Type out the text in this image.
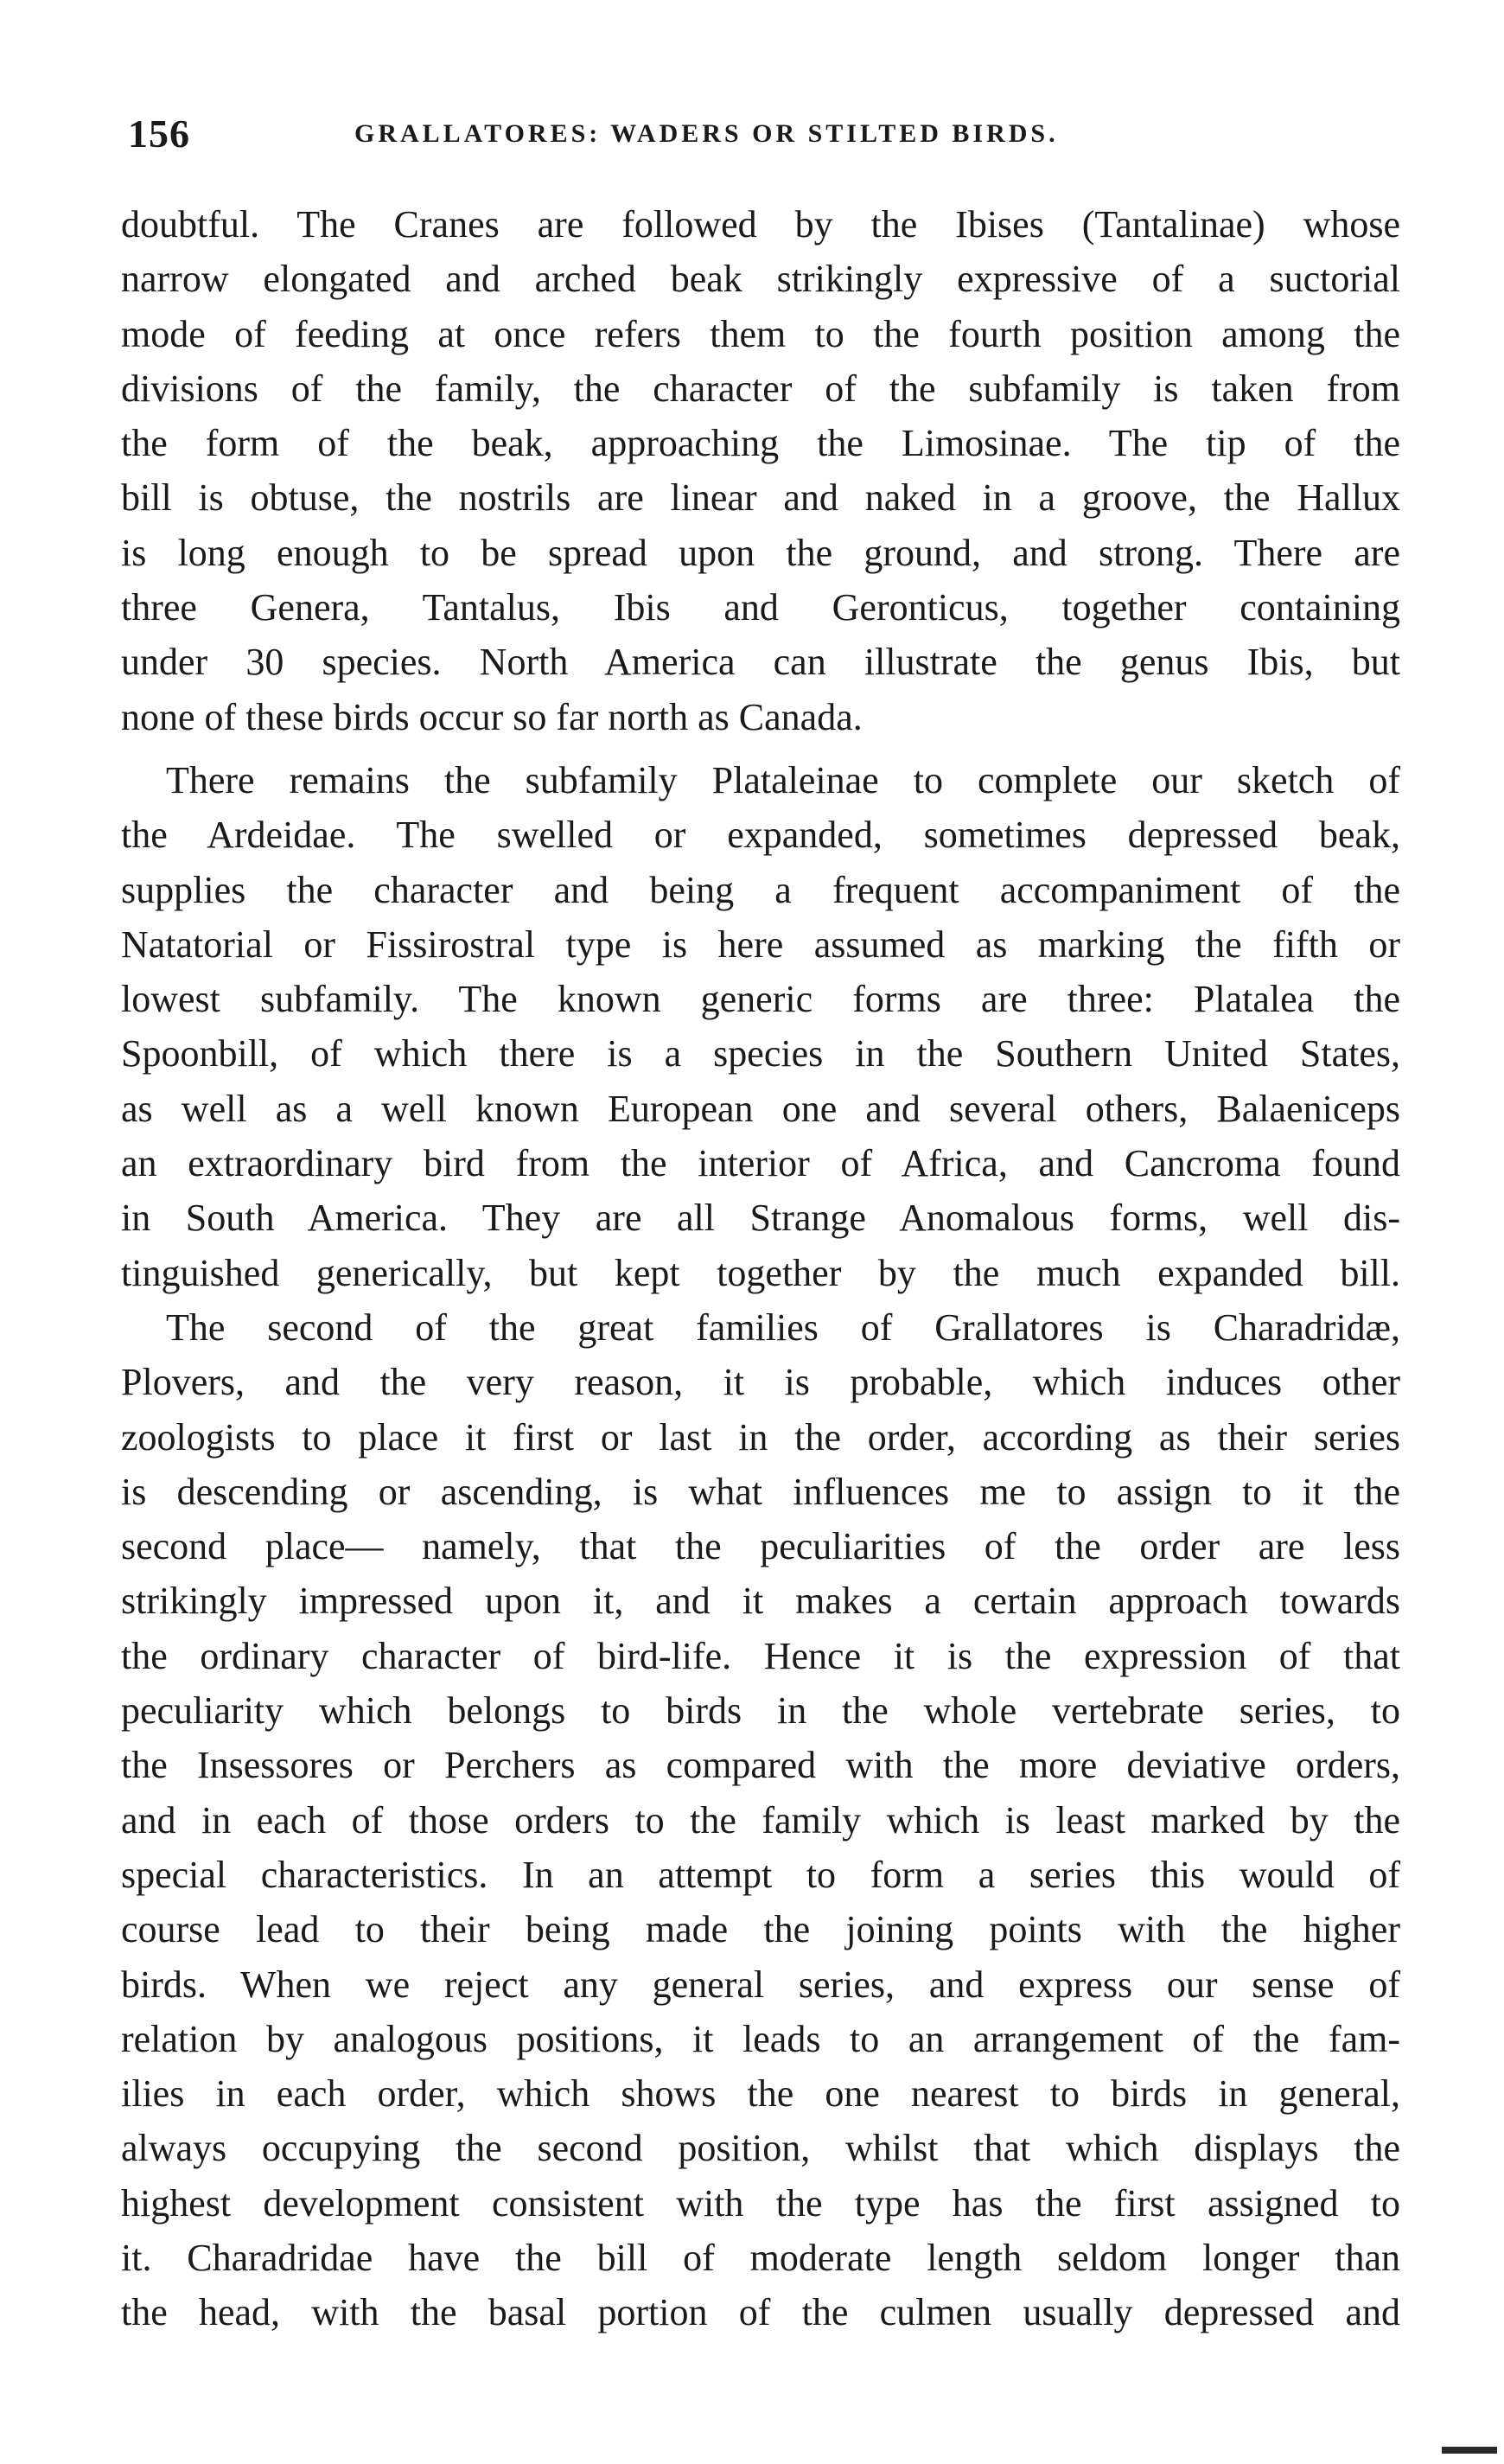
156	GRALLATORES: WADERS OR STILTED BIRDS.
doubtful. The Cranes are followed by the Ibises (Tantalinae) whose
narrow elongated and arched beak strikingly expressive of a suctorial
mode of feeding at once refers them to the fourth position among the
divisions of the family, the character of the subfamily is taken from
the form of the beak, approaching the Limosinae. The tip of the
bill is obtuse, the nostrils are linear and naked in a groove, the Hallux
is long enough to be spread upon the ground, and strong. There are
three Genera, Tantalus, Ibis and Geronticus, together containing
under 30 species. North America can illustrate the genus Ibis, but
none of these birds occur so far north as Canada.
There remains the subfamily Plataleinae to complete our sketch of
the Ardeidae. The swelled or expanded, sometimes depressed beak,
supplies the character and being a frequent accompaniment of the
Natatorial or Fissirostral type is here assumed as marking the fifth or
lowest subfamily. The known generic forms are three: Platalea the
Spoonbill, of which there is a species in the Southern United States,
as well as a well known European one and several others, Balaeniceps
an extraordinary bird from the interior of Africa, and Cancroma found
in South America. They are all Strange Anomalous forms, well dis-
tinguished generically, but kept together by the much expanded bill.
The second of the great families of Grallatores is Charadridæ,
Plovers, and the very reason, it is probable, which induces other
zoologists to place it first or last in the order, according as their series
is descending or ascending, is what influences me to assign to it the
second place— namely, that the peculiarities of the order are less
strikingly impressed upon it, and it makes a certain approach towards
the ordinary character of bird-life. Hence it is the expression of that
peculiarity which belongs to birds in the whole vertebrate series, to
the Insessores or Perchers as compared with the more deviative orders,
and in each of those orders to the family which is least marked by the
special characteristics. In an attempt to form a series this would of
course lead to their being made the joining points with the higher
birds. When we reject any general series, and express our sense of
relation by analogous positions, it leads to an arrangement of the fam-
ilies in each order, which shows the one nearest to birds in general,
always occupying the second position, whilst that which displays the
highest development consistent with the type has the first assigned to
it. Charadridae have the bill of moderate length seldom longer than
the head, with the basal portion of the culmen usually depressed and
